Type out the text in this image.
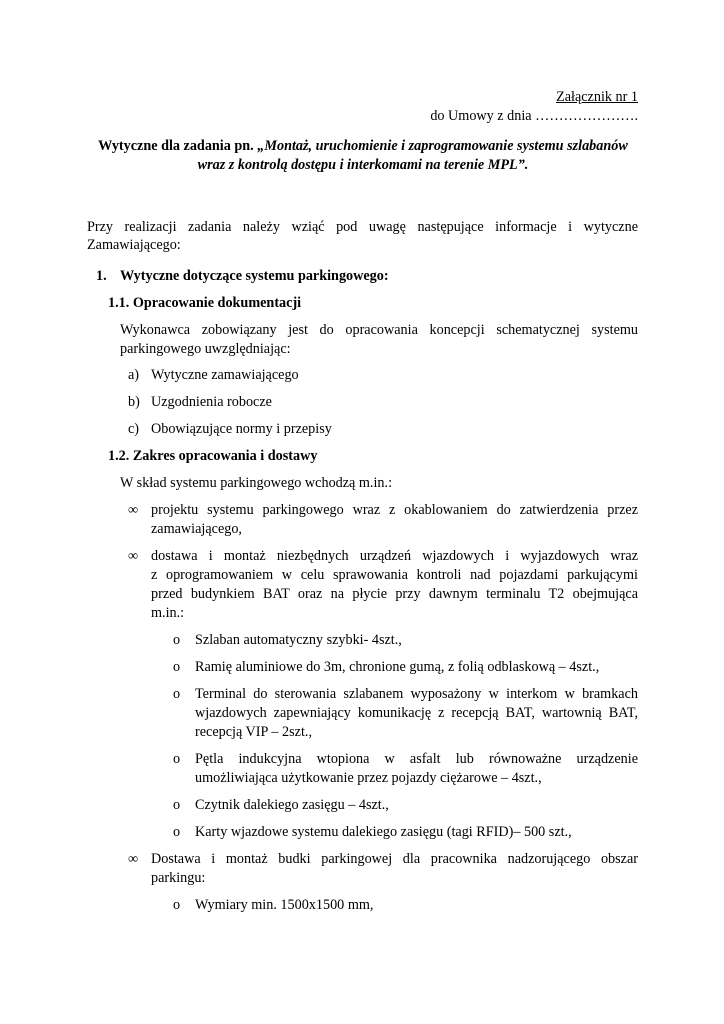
Załącznik nr 1
do Umowy z dnia ………………….
Wytyczne dla zadania pn. „Montaż, uruchomienie i zaprogramowanie systemu szlabanów
wraz z kontrolą dostępu i interkomami na terenie MPL”.
Przy realizacji zadania należy wziąć pod uwagę następujące informacje i wytyczne
Zamawiającego:
1. Wytyczne dotyczące systemu parkingowego:
1.1. Opracowanie dokumentacji
Wykonawca zobowiązany jest do opracowania koncepcji schematycznej systemu
parkingowego uwzględniając:
a) Wytyczne zamawiającego
b) Uzgodnienia robocze
c) Obowiązujące normy i przepisy
1.2. Zakres opracowania i dostawy
W skład systemu parkingowego wchodzą m.in.:
∞ projektu systemu parkingowego wraz z okablowaniem do zatwierdzenia przez
zamawiającego,
∞ dostawa i montaż niezbędnych urządzeń wjazdowych i wyjazdowych wraz
z oprogramowaniem w celu sprawowania kontroli nad pojazdami parkującymi
przed budynkiem BAT oraz na płycie przy dawnym terminalu T2 obejmująca
m.in.:
o Szlaban automatyczny szybki- 4szt.,
o Ramię aluminiowe do 3m, chronione gumą, z folią odblaskową – 4szt.,
o Terminal do sterowania szlabanem wyposażony w interkom w bramkach
wjazdowych zapewniający komunikację z recepcją BAT, wartownią BAT,
recepcją VIP – 2szt.,
o Pętla indukcyjna wtopiona w asfalt lub równoważne urządzenie
umożliwiająca użytkowanie przez pojazdy ciężarowe – 4szt.,
o Czytnik dalekiego zasięgu – 4szt.,
o Karty wjazdowe systemu dalekiego zasięgu (tagi RFID)– 500 szt.,
∞ Dostawa i montaż budki parkingowej dla pracownika nadzorującego obszar
parkingu:
o Wymiary min. 1500x1500 mm,
